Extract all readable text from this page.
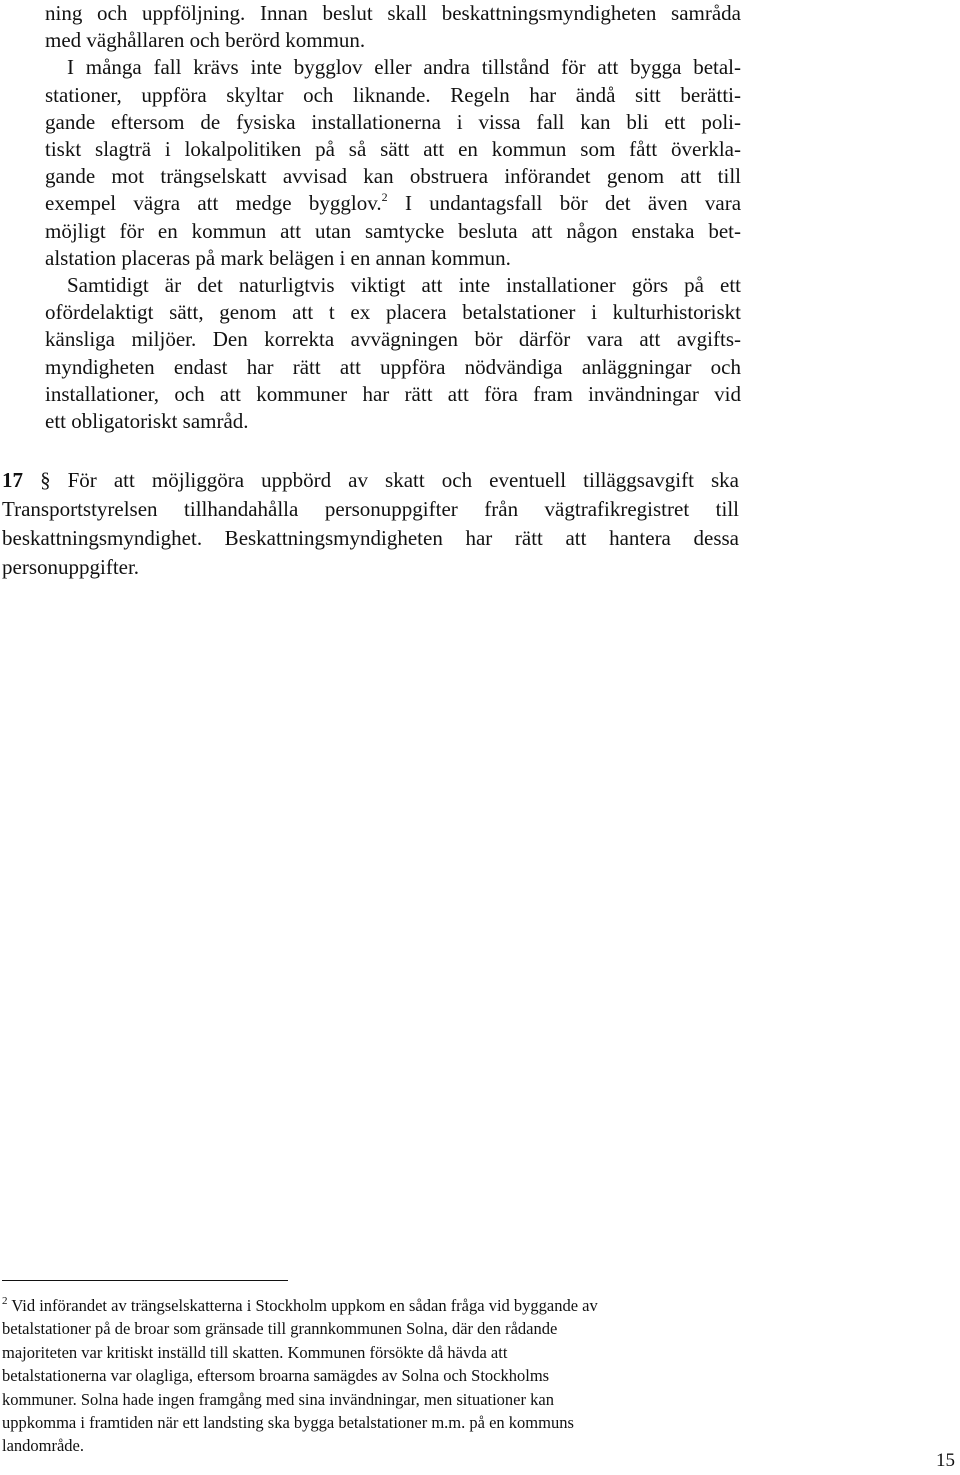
ning och uppföljning. Innan beslut skall beskattningsmyndigheten samråda
med väghållaren och berörd kommun.
I många fall krävs inte bygglov eller andra tillstånd för att bygga betal-
stationer, uppföra skyltar och liknande. Regeln har ändå sitt berätti-
gande eftersom de fysiska installationerna i vissa fall kan bli ett poli-
tiskt slagträ i lokalpolitiken på så sätt att en kommun som fått överkla-
gande mot trängselskatt avvisad kan obstruera införandet genom att till
exempel vägra att medge bygglov.$^2$ I undantagsfall bör det även vara
möjligt för en kommun att utan samtycke besluta att någon enstaka bet-
alstation placeras på mark belägen i en annan kommun.
Samtidigt är det naturligtvis viktigt att inte installationer görs på ett
ofördelaktigt sätt, genom att t ex placera betalstationer i kulturhistoriskt
känsliga miljöer. Den korrekta avvägningen bör därför vara att avgifts-
myndigheten endast har rätt att uppföra nödvändiga anläggningar och
installationer, och att kommuner har rätt att föra fram invändningar vid
ett obligatoriskt samråd.
17 § För att möjliggöra uppbörd av skatt och eventuell tilläggsavgift ska
Transportstyrelsen tillhandahålla personuppgifter från vägtrafikregistret till
beskattningsmyndighet. Beskattningsmyndigheten har rätt att hantera dessa
personuppgifter.
$^2$ Vid införandet av trängselskatterna i Stockholm uppkom en sådan fråga vid byggande av
betalstationer på de broar som gränsade till grannkommunen Solna, där den rådande
majoriteten var kritiskt inställd till skatten. Kommunen försökte då hävda att
betalstationerna var olagliga, eftersom broarna samägdes av Solna och Stockholms
kommuner. Solna hade ingen framgång med sina invändningar, men situationer kan
uppkomma i framtiden när ett landsting ska bygga betalstationer m.m. på en kommuns
landområde.
15
